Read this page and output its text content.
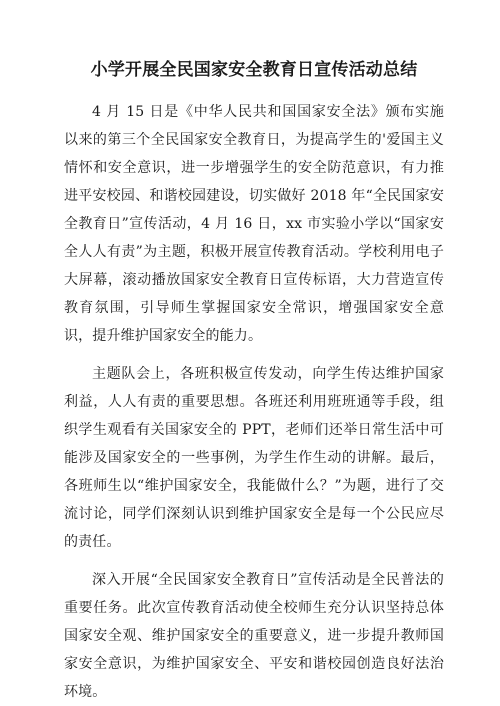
小学开展全民国家安全教育日宣传活动总结

4 月 15 日是《中华人民共和国国家安全法》颁布实施以来的第三个全民国家安全教育日，为提高学生的'爱国主义情怀和安全意识，进一步增强学生的安全防范意识，有力推进平安校园、和谐校园建设，切实做好 2018 年“全民国家安全教育日”宣传活动，4 月 16 日，xx 市实验小学以“国家安全人人有责”为主题，积极开展宣传教育活动。学校利用电子大屏幕，滚动播放国家安全教育日宣传标语，大力营造宣传教育氛围，引导师生掌握国家安全常识，增强国家安全意识，提升维护国家安全的能力。

主题队会上，各班积极宣传发动，向学生传达维护国家利益，人人有责的重要思想。各班还利用班班通等手段，组织学生观看有关国家安全的 PPT，老师们还举日常生活中可能涉及国家安全的一些事例，为学生作生动的讲解。最后，各班师生以“维护国家安全，我能做什么？”为题，进行了交流讨论，同学们深刻认识到维护国家安全是每一个公民应尽的责任。

深入开展“全民国家安全教育日”宣传活动是全民普法的重要任务。此次宣传教育活动使全校师生充分认识坚持总体国家安全观、维护国家安全的重要意义，进一步提升教师国家安全意识，为维护国家安全、平安和谐校园创造良好法治环境。
